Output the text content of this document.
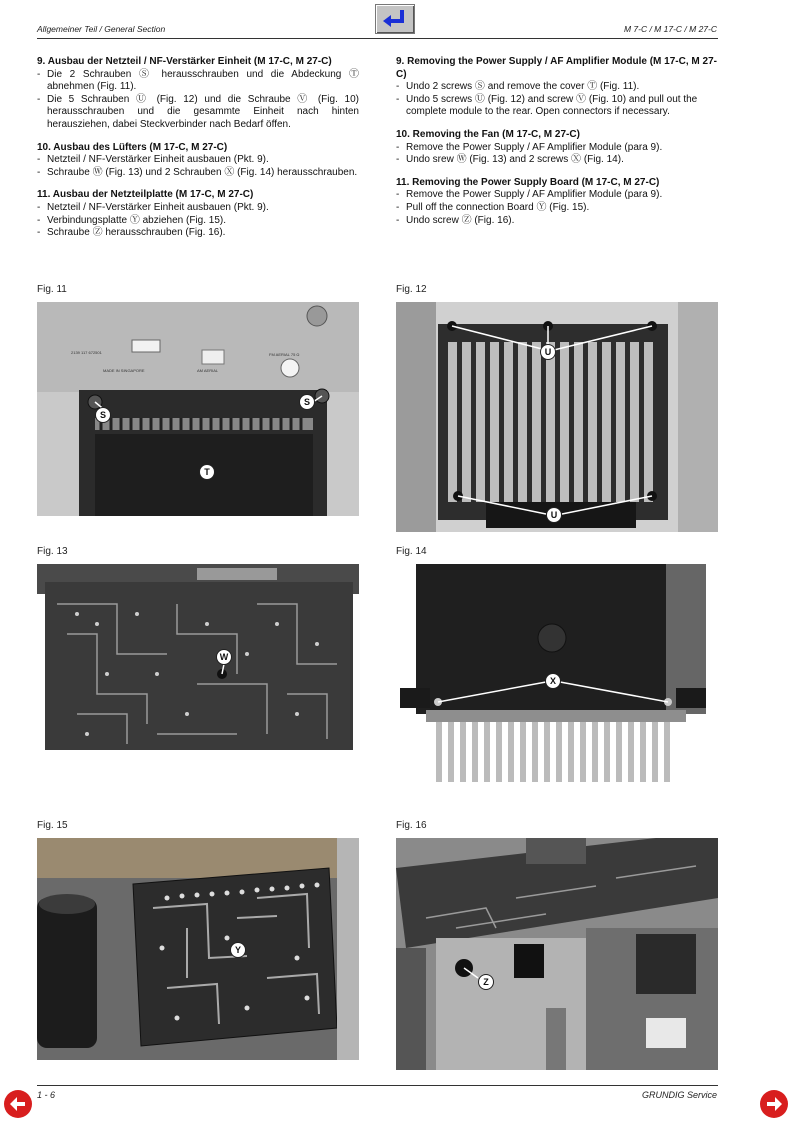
Allgemeiner Teil / General Section	M 7-C / M 17-C / M 27-C
9. Ausbau der Netzteil / NF-Verstärker Einheit (M 17-C, M 27-C)
- Die 2 Schrauben Ⓢ herausschrauben und die Abdeckung Ⓣ abnehmen (Fig. 11).
- Die 5 Schrauben Ⓤ (Fig. 12) und die Schraube Ⓥ (Fig. 10) herausschrauben und die gesammte Einheit nach hinten herausziehen, dabei Steckverbinder nach Bedarf öffen.
10. Ausbau des Lüfters (M 17-C, M 27-C)
- Netzteil / NF-Verstärker Einheit ausbauen (Pkt. 9).
- Schraube Ⓦ (Fig. 13) und 2 Schrauben Ⓧ (Fig. 14) herausschrauben.
11. Ausbau der Netzteilplatte (M 17-C, M 27-C)
- Netzteil / NF-Verstärker Einheit ausbauen (Pkt. 9).
- Verbindungsplatte Ⓨ abziehen (Fig. 15).
- Schraube Ⓩ herausschrauben (Fig. 16).
9. Removing the Power Supply / AF Amplifier Module (M 17-C, M 27-C)
- Undo 2 screws Ⓢ and remove the cover Ⓣ (Fig. 11).
- Undo 5 screws Ⓤ (Fig. 12) and screw Ⓥ (Fig. 10) and pull out the complete module to the rear. Open connectors if necessary.
10. Removing the Fan (M 17-C, M 27-C)
- Remove the Power Supply / AF Amplifier Module (para 9).
- Undo srew Ⓦ (Fig. 13) and 2 screws Ⓧ (Fig. 14).
11. Removing the Power Supply Board (M 17-C, M 27-C)
- Remove the Power Supply / AF Amplifier Module (para 9).
- Pull off the connection Board Ⓨ (Fig. 15).
- Undo screw Ⓩ (Fig. 16).
Fig. 11
2139 117 672501
MADE IN SINGAPORE	AM AERIAL
FM AERIAL 75 Ω
S
S
T
Fig. 12
U
U
Fig. 13
W
Fig. 14
X
Fig. 15
Y
Fig. 16
Z
1 - 6	GRUNDIG Service
